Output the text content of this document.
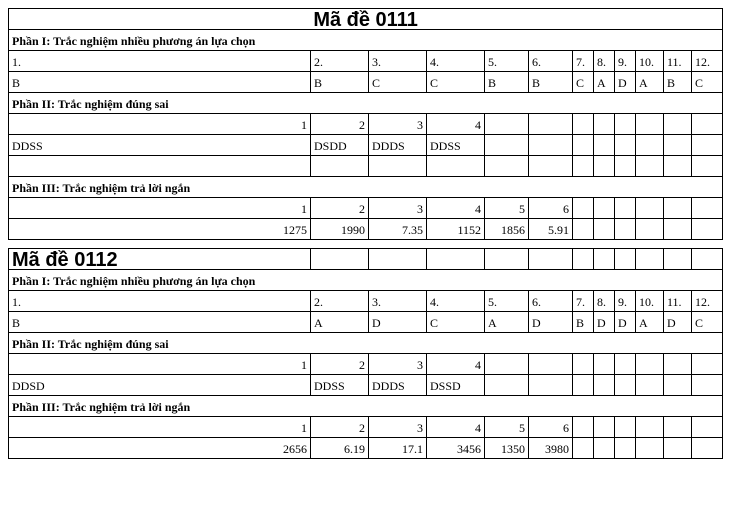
Mã đề 0111											
Phần I: Trắc nghiệm nhiều phương án lựa chọn											
1.	2.	3.	4.	5.	6.	7.	8.	9.	10.	11.	12.
B	B	C	C	B	B	C	A	D	A	B	C
Phần II: Trắc nghiệm đúng sai											
1	2	3	4								
DDSS	DSDD	DDDS	DDSS								

Phần III: Trắc nghiệm trả lời ngắn											
1	2	3	4	5	6						
1275	1990	7.35	1152	1856	5.91						

Mã đề 0112											
Phần I: Trắc nghiệm nhiều phương án lựa chọn											
1.	2.	3.	4.	5.	6.	7.	8.	9.	10.	11.	12.
B	A	D	C	A	D	B	D	D	A	D	C
Phần II: Trắc nghiệm đúng sai											
1	2	3	4								
DDSD	DDSS	DDDS	DSSD								
Phần III: Trắc nghiệm trả lời ngắn											
1	2	3	4	5	6						
2656	6.19	17.1	3456	1350	3980						
